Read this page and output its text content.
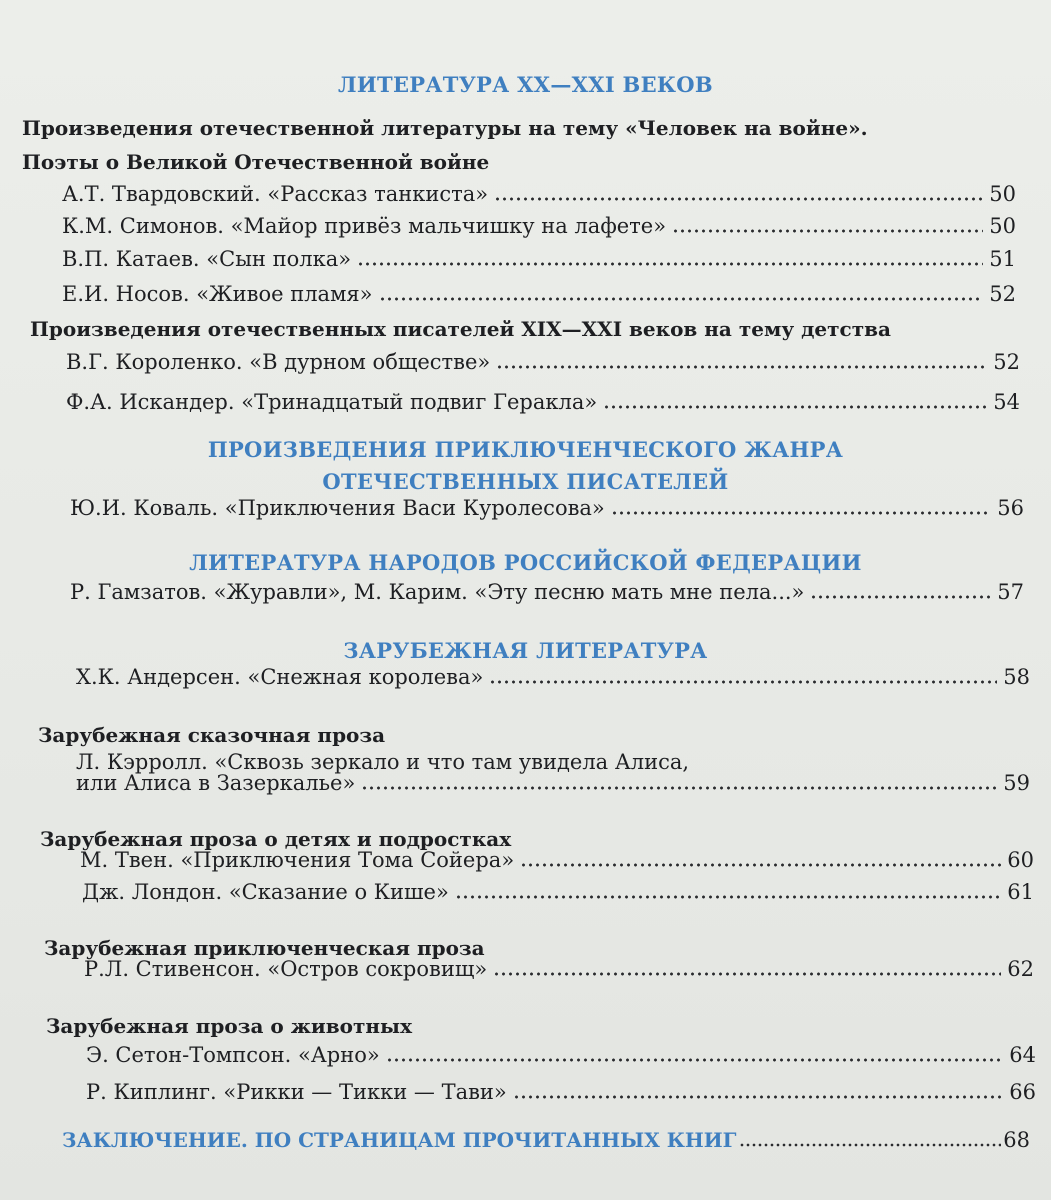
ЛИТЕРАТУРА XX—XXI ВЕКОВ
Произведения отечественной литературы на тему «Человек на войне».
Поэты о Великой Отечественной войне
А.Т. Твардовский. «Рассказ танкиста»	50
К.М. Симонов. «Майор привёз мальчишку на лафете»	50
В.П. Катаев. «Сын полка»	51
Е.И. Носов. «Живое пламя»	52
Произведения отечественных писателей XIX—XXI веков на тему детства
В.Г. Короленко. «В дурном обществе»	52
Ф.А. Искандер. «Тринадцатый подвиг Геракла»	54
ПРОИЗВЕДЕНИЯ ПРИКЛЮЧЕНЧЕСКОГО ЖАНРА
ОТЕЧЕСТВЕННЫХ ПИСАТЕЛЕЙ
Ю.И. Коваль. «Приключения Васи Куролесова»	56
ЛИТЕРАТУРА НАРОДОВ РОССИЙСКОЙ ФЕДЕРАЦИИ
Р. Гамзатов. «Журавли», М. Карим. «Эту песню мать мне пела...»	57
ЗАРУБЕЖНАЯ ЛИТЕРАТУРА
Х.К. Андерсен. «Снежная королева»	58
Зарубежная сказочная проза
Л. Кэрролл. «Сквозь зеркало и что там увидела Алиса,
или Алиса в Зазеркалье»	59
Зарубежная проза о детях и подростках
М. Твен. «Приключения Тома Сойера»	60
Дж. Лондон. «Сказание о Кише»	61
Зарубежная приключенческая проза
Р.Л. Стивенсон. «Остров сокровищ»	62
Зарубежная проза о животных
Э. Сетон-Томпсон. «Арно»	64
Р. Киплинг. «Рикки — Тикки — Тави»	66
ЗАКЛЮЧЕНИЕ. ПО СТРАНИЦАМ ПРОЧИТАННЫХ КНИГ	68
